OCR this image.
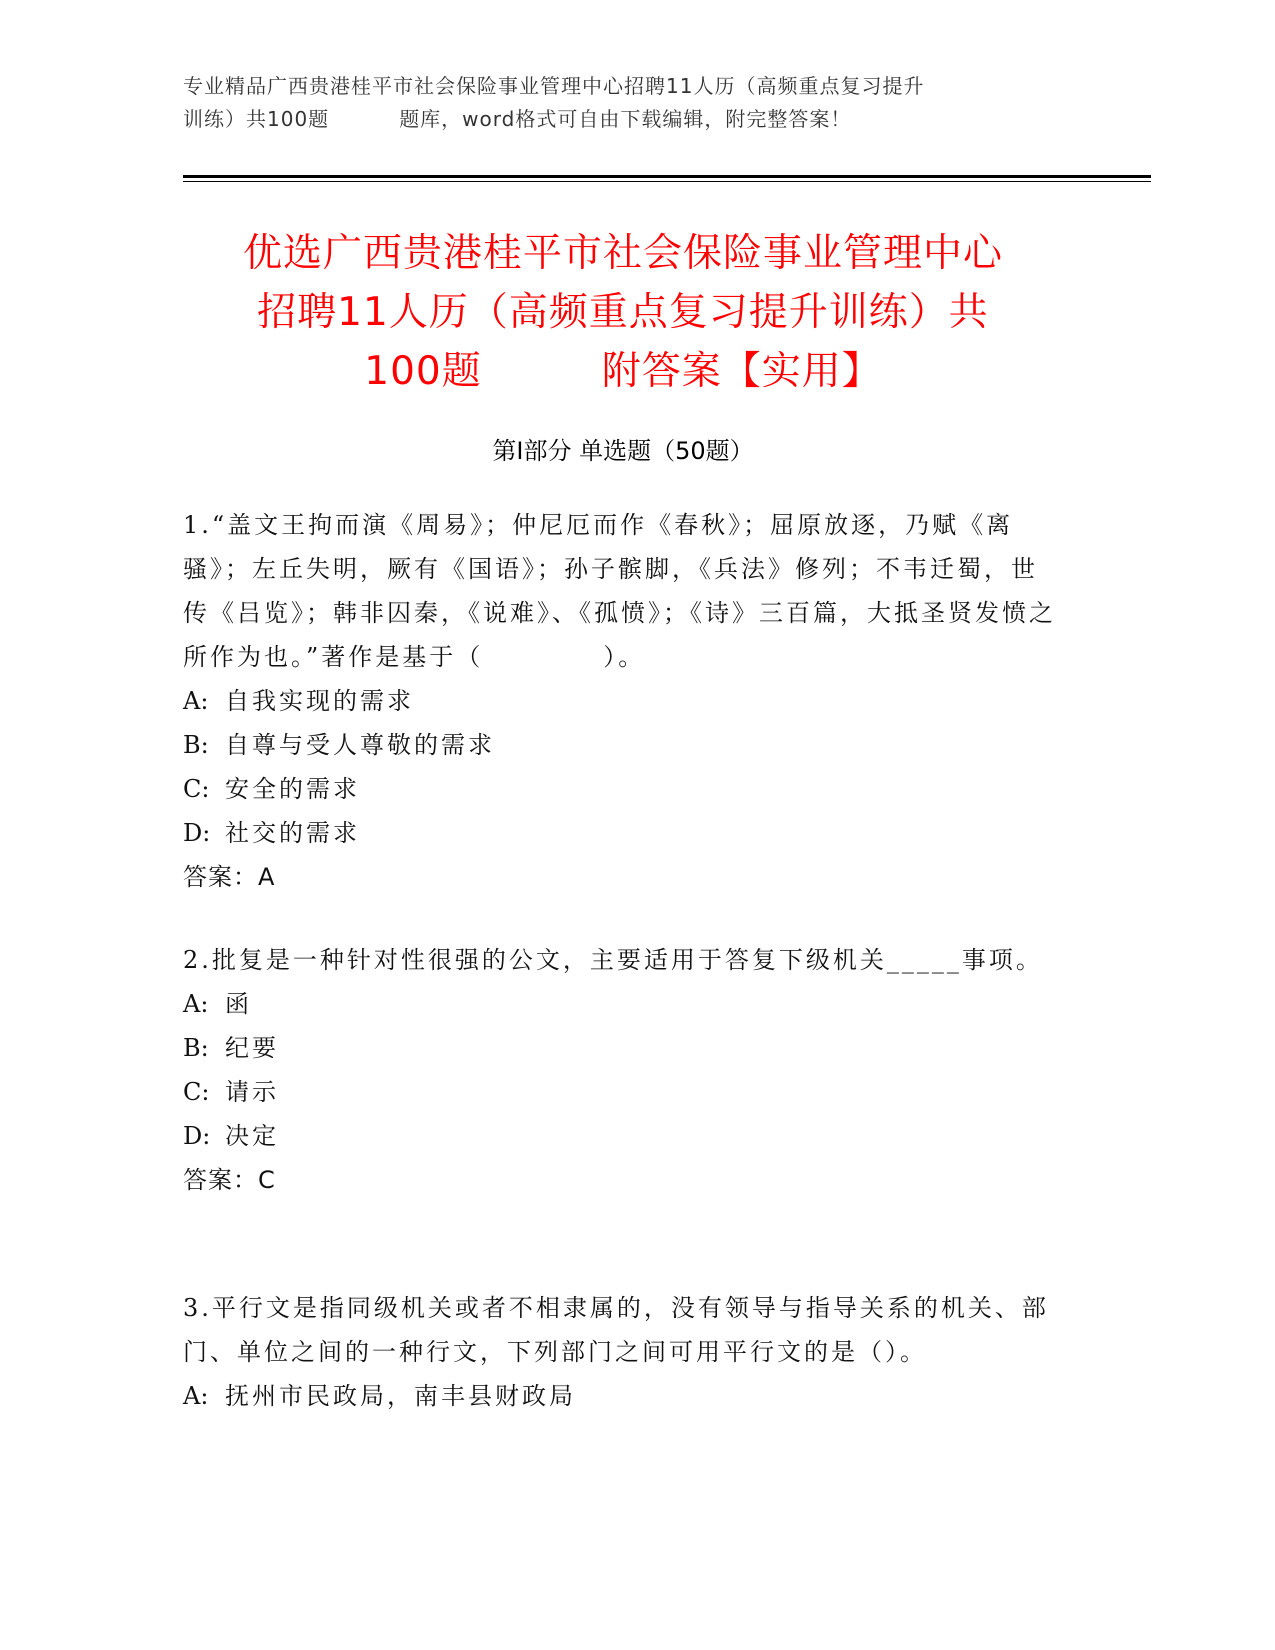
专业精品广西贵港桂平市社会保险事业管理中心招聘11人历（高频重点复习提升
训练）共100题	题库，word格式可自由下载编辑，附完整答案！
优选广西贵港桂平市社会保险事业管理中心
招聘11人历（高频重点复习提升训练）共
100题	附答案【实用】
第Ⅰ部分 单选题（50题）
1.“盖文王拘而演《周易》；仲尼厄而作《春秋》；屈原放逐，乃赋《离骚》；左丘失明，厥有《国语》；孙子髌脚，《兵法》修列；不韦迁蜀，世传《吕览》；韩非囚秦，《说难》、《孤愤》；《诗》三百篇，大抵圣贤发愤之所作为也。”著作是基于（	）。
A: 自我实现的需求
B: 自尊与受人尊敬的需求
C: 安全的需求
D: 社交的需求
答案：A
2.批复是一种针对性很强的公文，主要适用于答复下级机关_____事项。
A: 函
B: 纪要
C: 请示
D: 决定
答案：C
3.平行文是指同级机关或者不相隶属的，没有领导与指导关系的机关、部门、单位之间的一种行文，下列部门之间可用平行文的是（）。
A: 抚州市民政局，南丰县财政局
